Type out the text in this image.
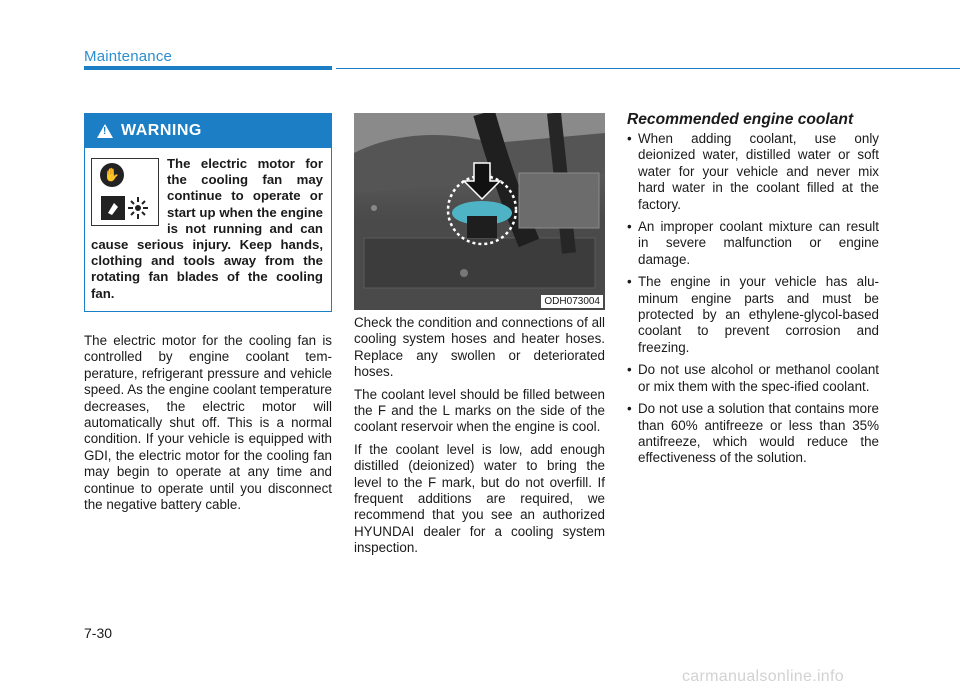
Maintenance
! WARNING
✋
The electric motor for the cooling fan may continue to operate or start up when the engine is not running and can cause serious injury. Keep hands, clothing and tools away from the rotating fan blades of the cooling fan.

The electric motor for the cooling fan is controlled by engine coolant tem-perature, refrigerant pressure and vehicle speed. As the engine coolant temperature decreases, the electric motor will automatically shut off. This is a normal condition. If your vehicle is equipped with GDI, the electric motor for the cooling fan may begin to operate at any time and continue to operate until you disconnect the negative battery cable.

ODH073004

Check the condition and connections of all cooling system hoses and heater hoses. Replace any swollen or deteriorated hoses.

The coolant level should be filled between the F and the L marks on the side of the coolant reservoir when the engine is cool.

If the coolant level is low, add enough distilled (deionized) water to bring the level to the F mark, but do not overfill. If frequent additions are required, we recommend that you see an authorized HYUNDAI dealer for a cooling system inspection.

Recommended engine coolant
• When adding coolant, use only deionized water, distilled water or soft water for your vehicle and never mix hard water in the coolant filled at the factory.
• An improper coolant mixture can result in severe malfunction or engine damage.
• The engine in your vehicle has alu-minum engine parts and must be protected by an ethylene-glycol-based coolant to prevent corrosion and freezing.
• Do not use alcohol or methanol coolant or mix them with the spec-ified coolant.
• Do not use a solution that contains more than 60% antifreeze or less than 35% antifreeze, which would reduce the effectiveness of the solution.
7-30
carmanualsonline.info
